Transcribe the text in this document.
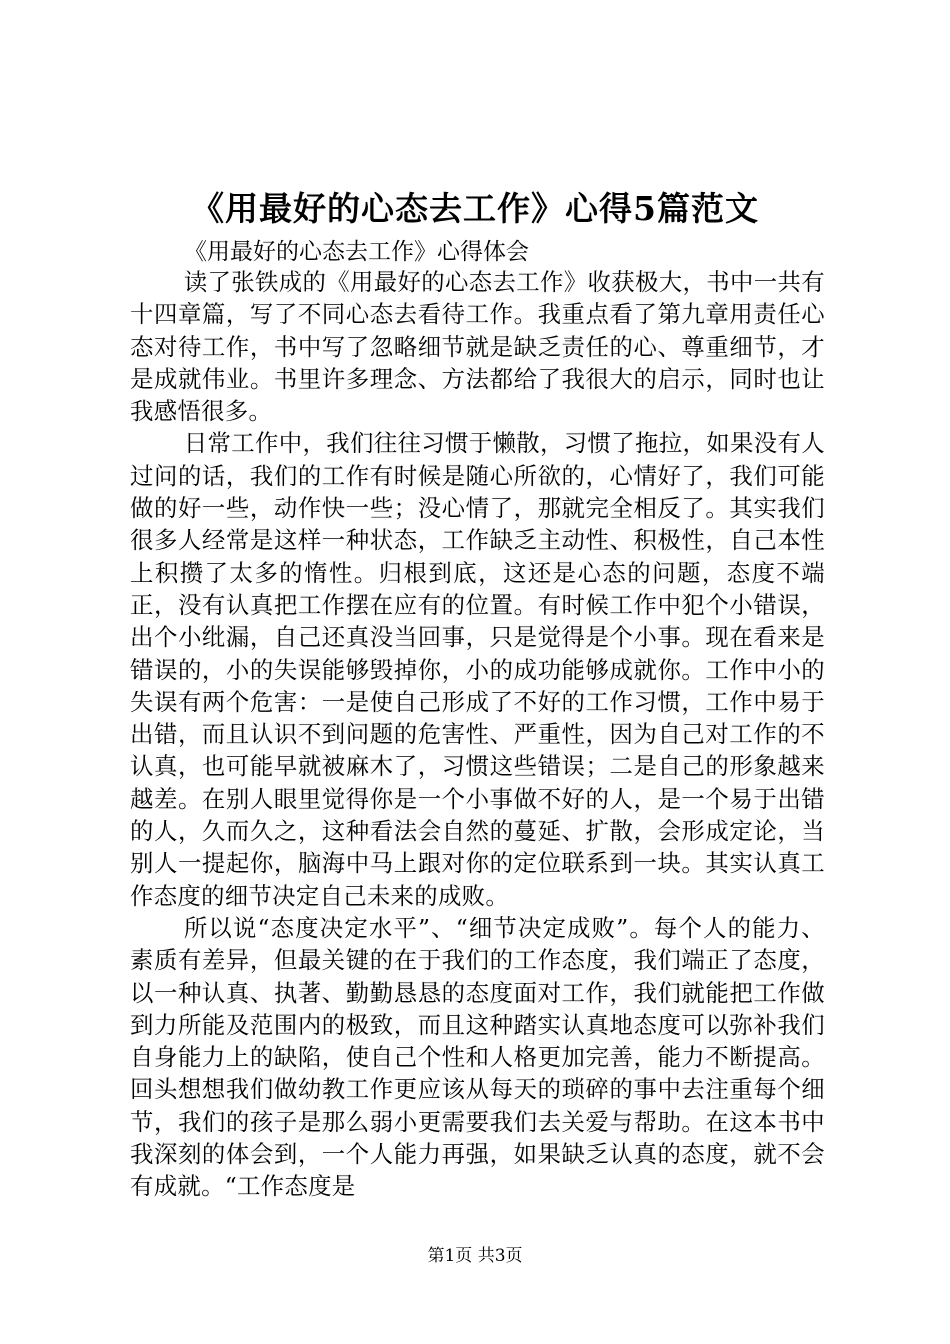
《用最好的心态去工作》心得5篇范文
《用最好的心态去工作》心得体会

读了张铁成的《用最好的心态去工作》收获极大，书中一共有十四章篇，写了不同心态去看待工作。我重点看了第九章用责任心态对待工作，书中写了忽略细节就是缺乏责任的心、尊重细节，才是成就伟业。书里许多理念、方法都给了我很大的启示，同时也让我感悟很多。

日常工作中，我们往往习惯于懒散，习惯了拖拉，如果没有人过问的话，我们的工作有时候是随心所欲的，心情好了，我们可能做的好一些，动作快一些；没心情了，那就完全相反了。其实我们很多人经常是这样一种状态，工作缺乏主动性、积极性，自己本性上积攒了太多的惰性。归根到底，这还是心态的问题，态度不端正，没有认真把工作摆在应有的位置。有时候工作中犯个小错误，出个小纰漏，自己还真没当回事，只是觉得是个小事。现在看来是错误的，小的失误能够毁掉你，小的成功能够成就你。工作中小的失误有两个危害：一是使自己形成了不好的工作习惯，工作中易于出错，而且认识不到问题的危害性、严重性，因为自己对工作的不认真，也可能早就被麻木了，习惯这些错误；二是自己的形象越来越差。在别人眼里觉得你是一个小事做不好的人，是一个易于出错的人，久而久之，这种看法会自然的蔓延、扩散，会形成定论，当别人一提起你，脑海中马上跟对你的定位联系到一块。其实认真工作态度的细节决定自己未来的成败。

所以说“态度决定水平”、“细节决定成败”。每个人的能力、素质有差异，但最关键的在于我们的工作态度，我们端正了态度，以一种认真、执著、勤勤恳恳的态度面对工作，我们就能把工作做到力所能及范围内的极致，而且这种踏实认真地态度可以弥补我们自身能力上的缺陷，使自己个性和人格更加完善，能力不断提高。回头想想我们做幼教工作更应该从每天的琐碎的事中去注重每个细节，我们的孩子是那么弱小更需要我们去关爱与帮助。在这本书中我深刻的体会到，一个人能力再强，如果缺乏认真的态度，就不会有成就。“工作态度是

第1页 共3页
